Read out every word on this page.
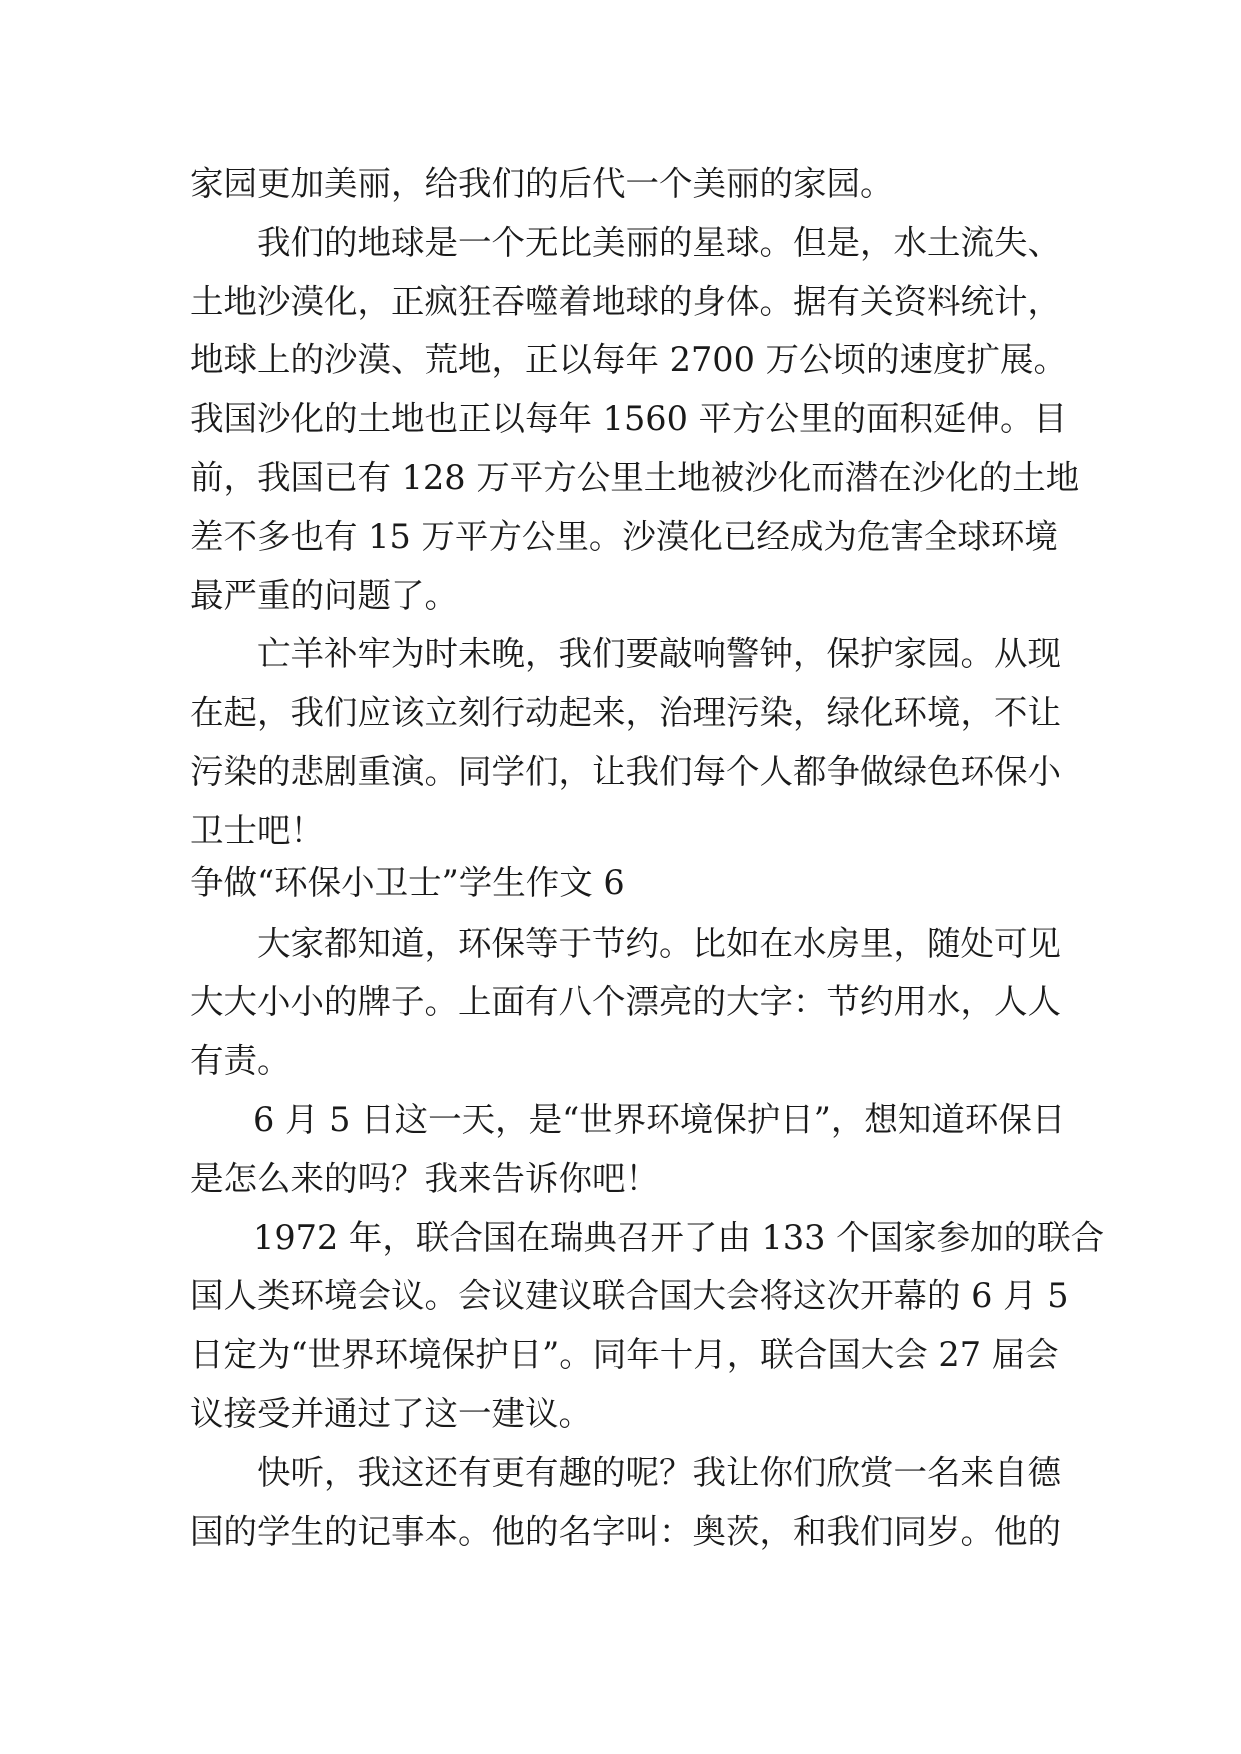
家园更加美丽，给我们的后代一个美丽的家园。
我们的地球是一个无比美丽的星球。但是，水土流失、
土地沙漠化，正疯狂吞噬着地球的身体。据有关资料统计，
地球上的沙漠、荒地，正以每年 2700 万公顷的速度扩展。
我国沙化的土地也正以每年 1560 平方公里的面积延伸。目
前，我国已有 128 万平方公里土地被沙化而潜在沙化的土地
差不多也有 15 万平方公里。沙漠化已经成为危害全球环境
最严重的问题了。
亡羊补牢为时未晚，我们要敲响警钟，保护家园。从现
在起，我们应该立刻行动起来，治理污染，绿化环境，不让
污染的悲剧重演。同学们，让我们每个人都争做绿色环保小
卫士吧！
争做“环保小卫士”学生作文 6
大家都知道，环保等于节约。比如在水房里，随处可见
大大小小的牌子。上面有八个漂亮的大字：节约用水，人人
有责。
6 月 5 日这一天，是“世界环境保护日”，想知道环保日
是怎么来的吗？我来告诉你吧！
1972 年，联合国在瑞典召开了由 133 个国家参加的联合
国人类环境会议。会议建议联合国大会将这次开幕的 6 月 5
日定为“世界环境保护日”。同年十月，联合国大会 27 届会
议接受并通过了这一建议。
快听，我这还有更有趣的呢？我让你们欣赏一名来自德
国的学生的记事本。他的名字叫：奥茨，和我们同岁。他的
